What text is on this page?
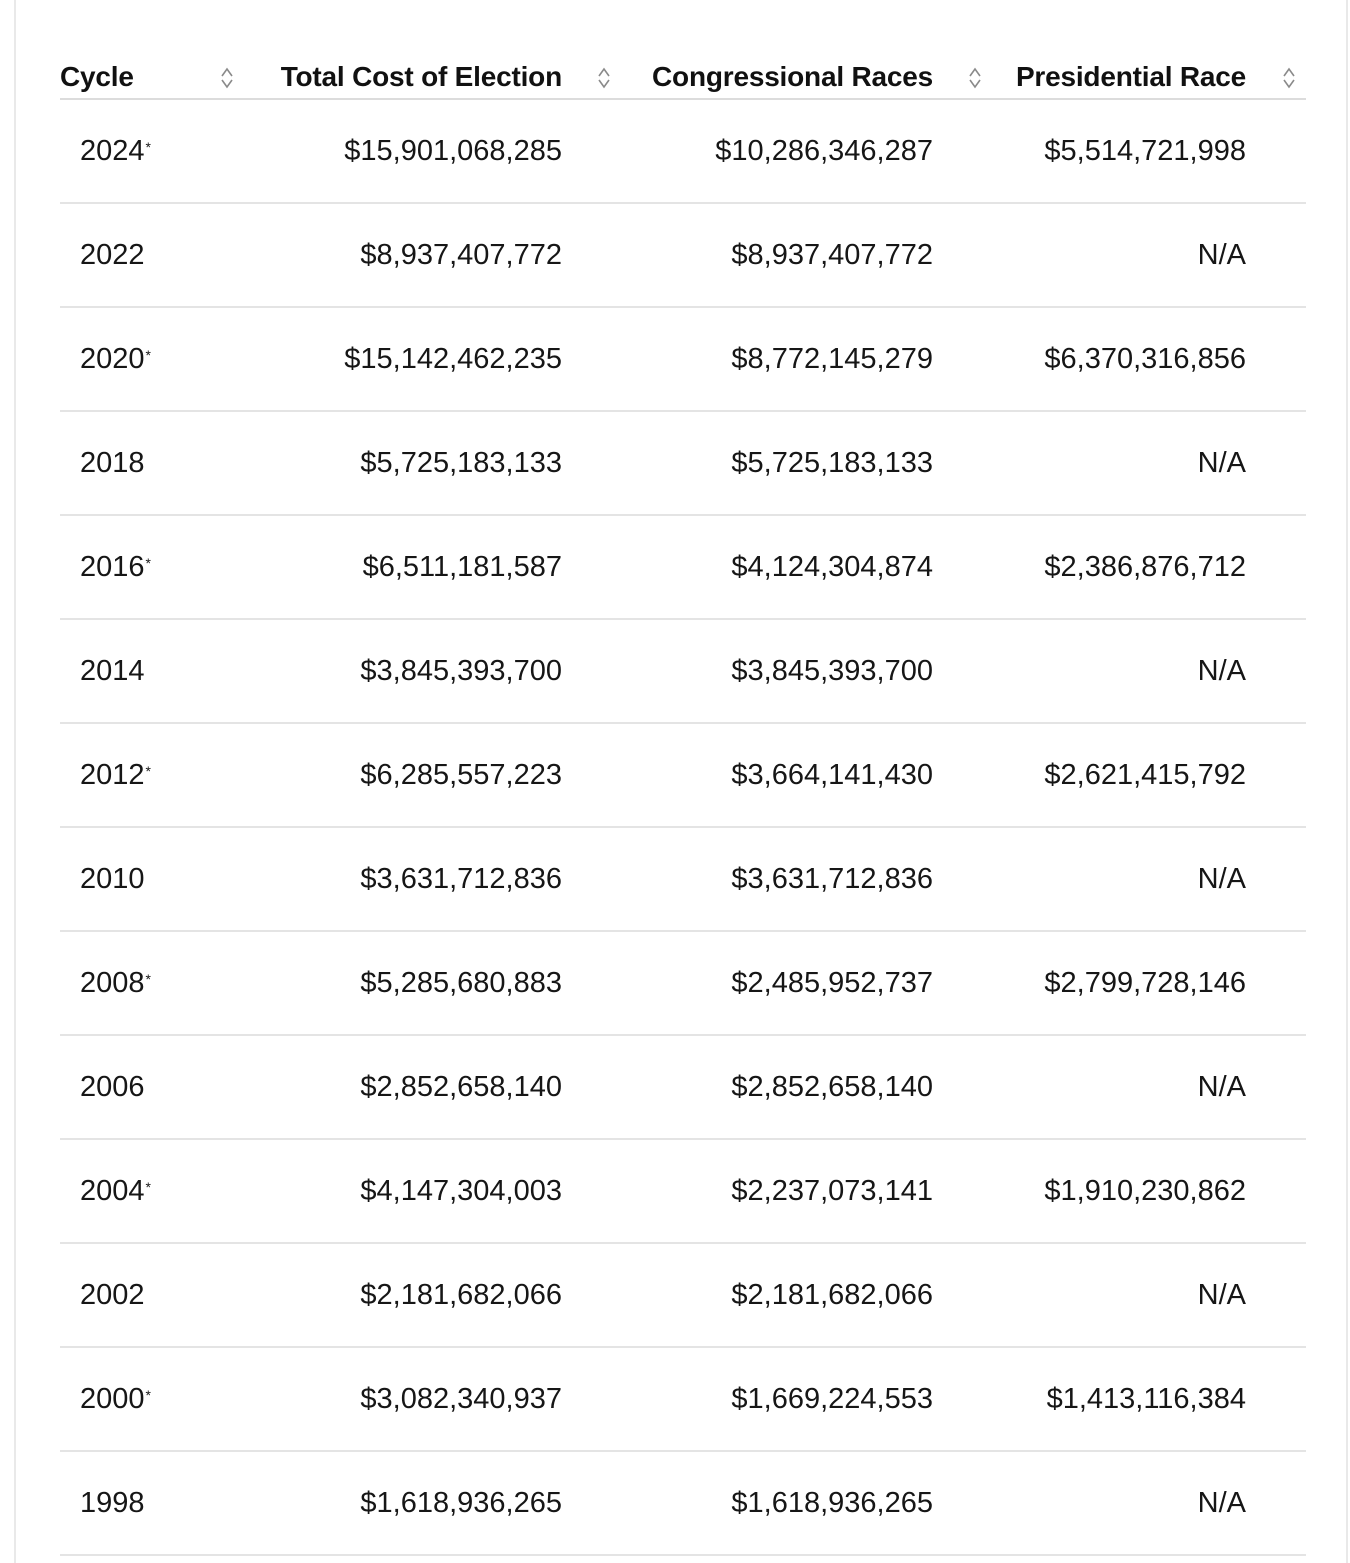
Cycle	Total Cost of Election	Congressional Races	Presidential Race
2024*	$15,901,068,285	$10,286,346,287	$5,514,721,998
2022	$8,937,407,772	$8,937,407,772	N/A
2020*	$15,142,462,235	$8,772,145,279	$6,370,316,856
2018	$5,725,183,133	$5,725,183,133	N/A
2016*	$6,511,181,587	$4,124,304,874	$2,386,876,712
2014	$3,845,393,700	$3,845,393,700	N/A
2012*	$6,285,557,223	$3,664,141,430	$2,621,415,792
2010	$3,631,712,836	$3,631,712,836	N/A
2008*	$5,285,680,883	$2,485,952,737	$2,799,728,146
2006	$2,852,658,140	$2,852,658,140	N/A
2004*	$4,147,304,003	$2,237,073,141	$1,910,230,862
2002	$2,181,682,066	$2,181,682,066	N/A
2000*	$3,082,340,937	$1,669,224,553	$1,413,116,384
1998	$1,618,936,265	$1,618,936,265	N/A
